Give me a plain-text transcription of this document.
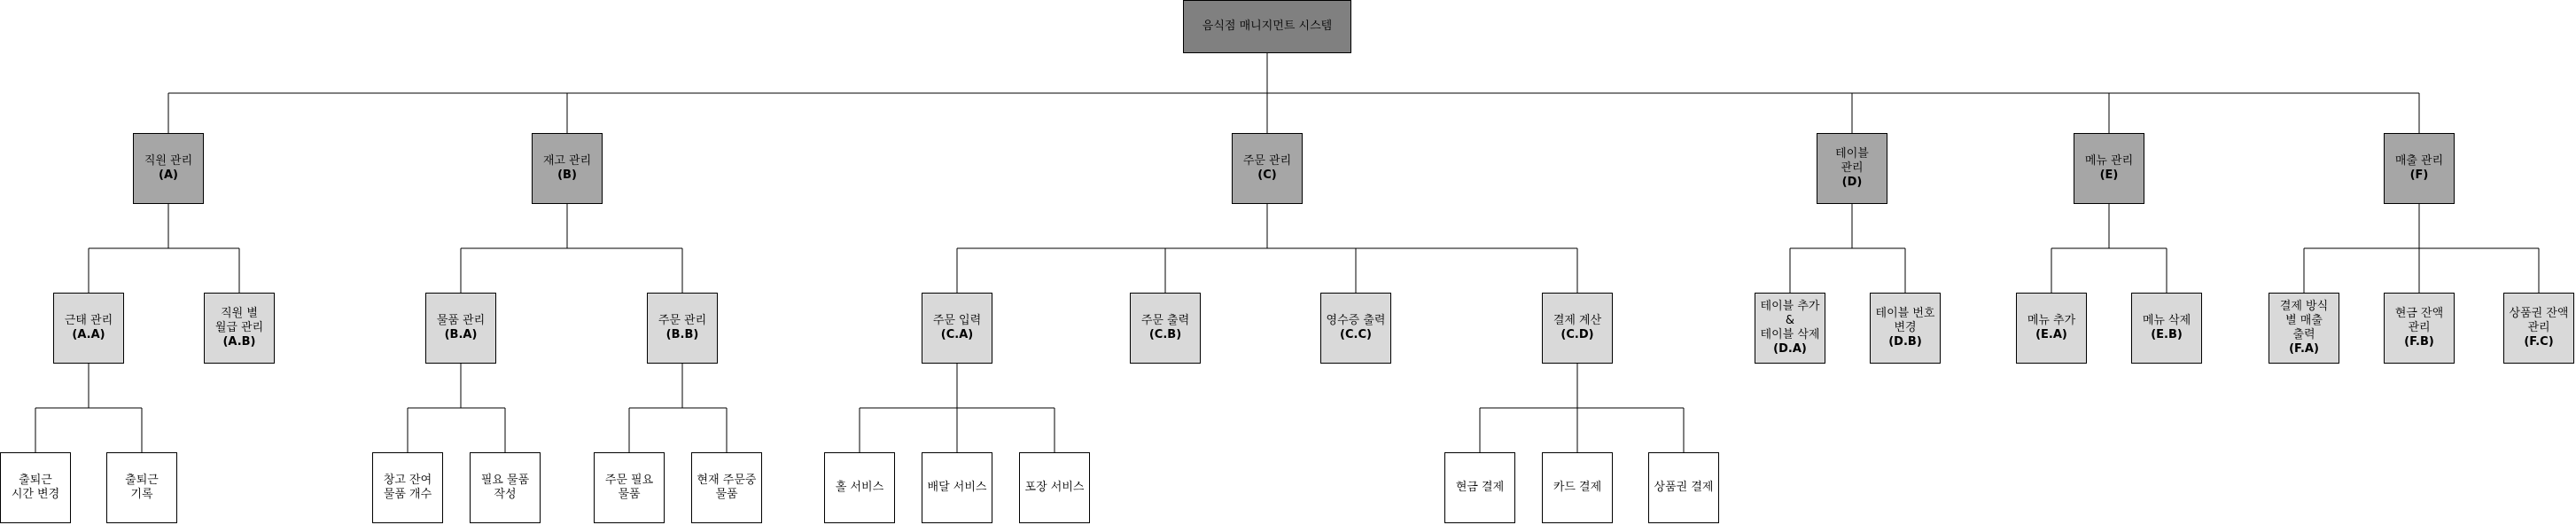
음식점 매니지먼트 시스템
직원 관리
(A)
재고 관리
(B)
주문 관리
(C)
테이블
관리
(D)
메뉴 관리
(E)
매출 관리
(F)
근태 관리
(A.A)
직원 별
월급 관리
(A.B)
물품 관리
(B.A)
주문 관리
(B.B)
주문 입력
(C.A)
주문 출력
(C.B)
영수증 출력
(C.C)
결제 계산
(C.D)
테이블 추가
&
테이블 삭제
(D.A)
테이블 번호
변경
(D.B)
메뉴 추가
(E.A)
메뉴 삭제
(E.B)
결제 방식
별 매출
출력
(F.A)
현금 잔액
관리
(F.B)
상품권 잔액
관리
(F.C)
출퇴근
시간 변경
출퇴근
기록
창고 잔여
물품 개수
필요 물품
작성
주문 필요
물품
현재 주문중
물품
홀 서비스	배달 서비스	포장 서비스	현금 결제	카드 결제	상품권 결제
